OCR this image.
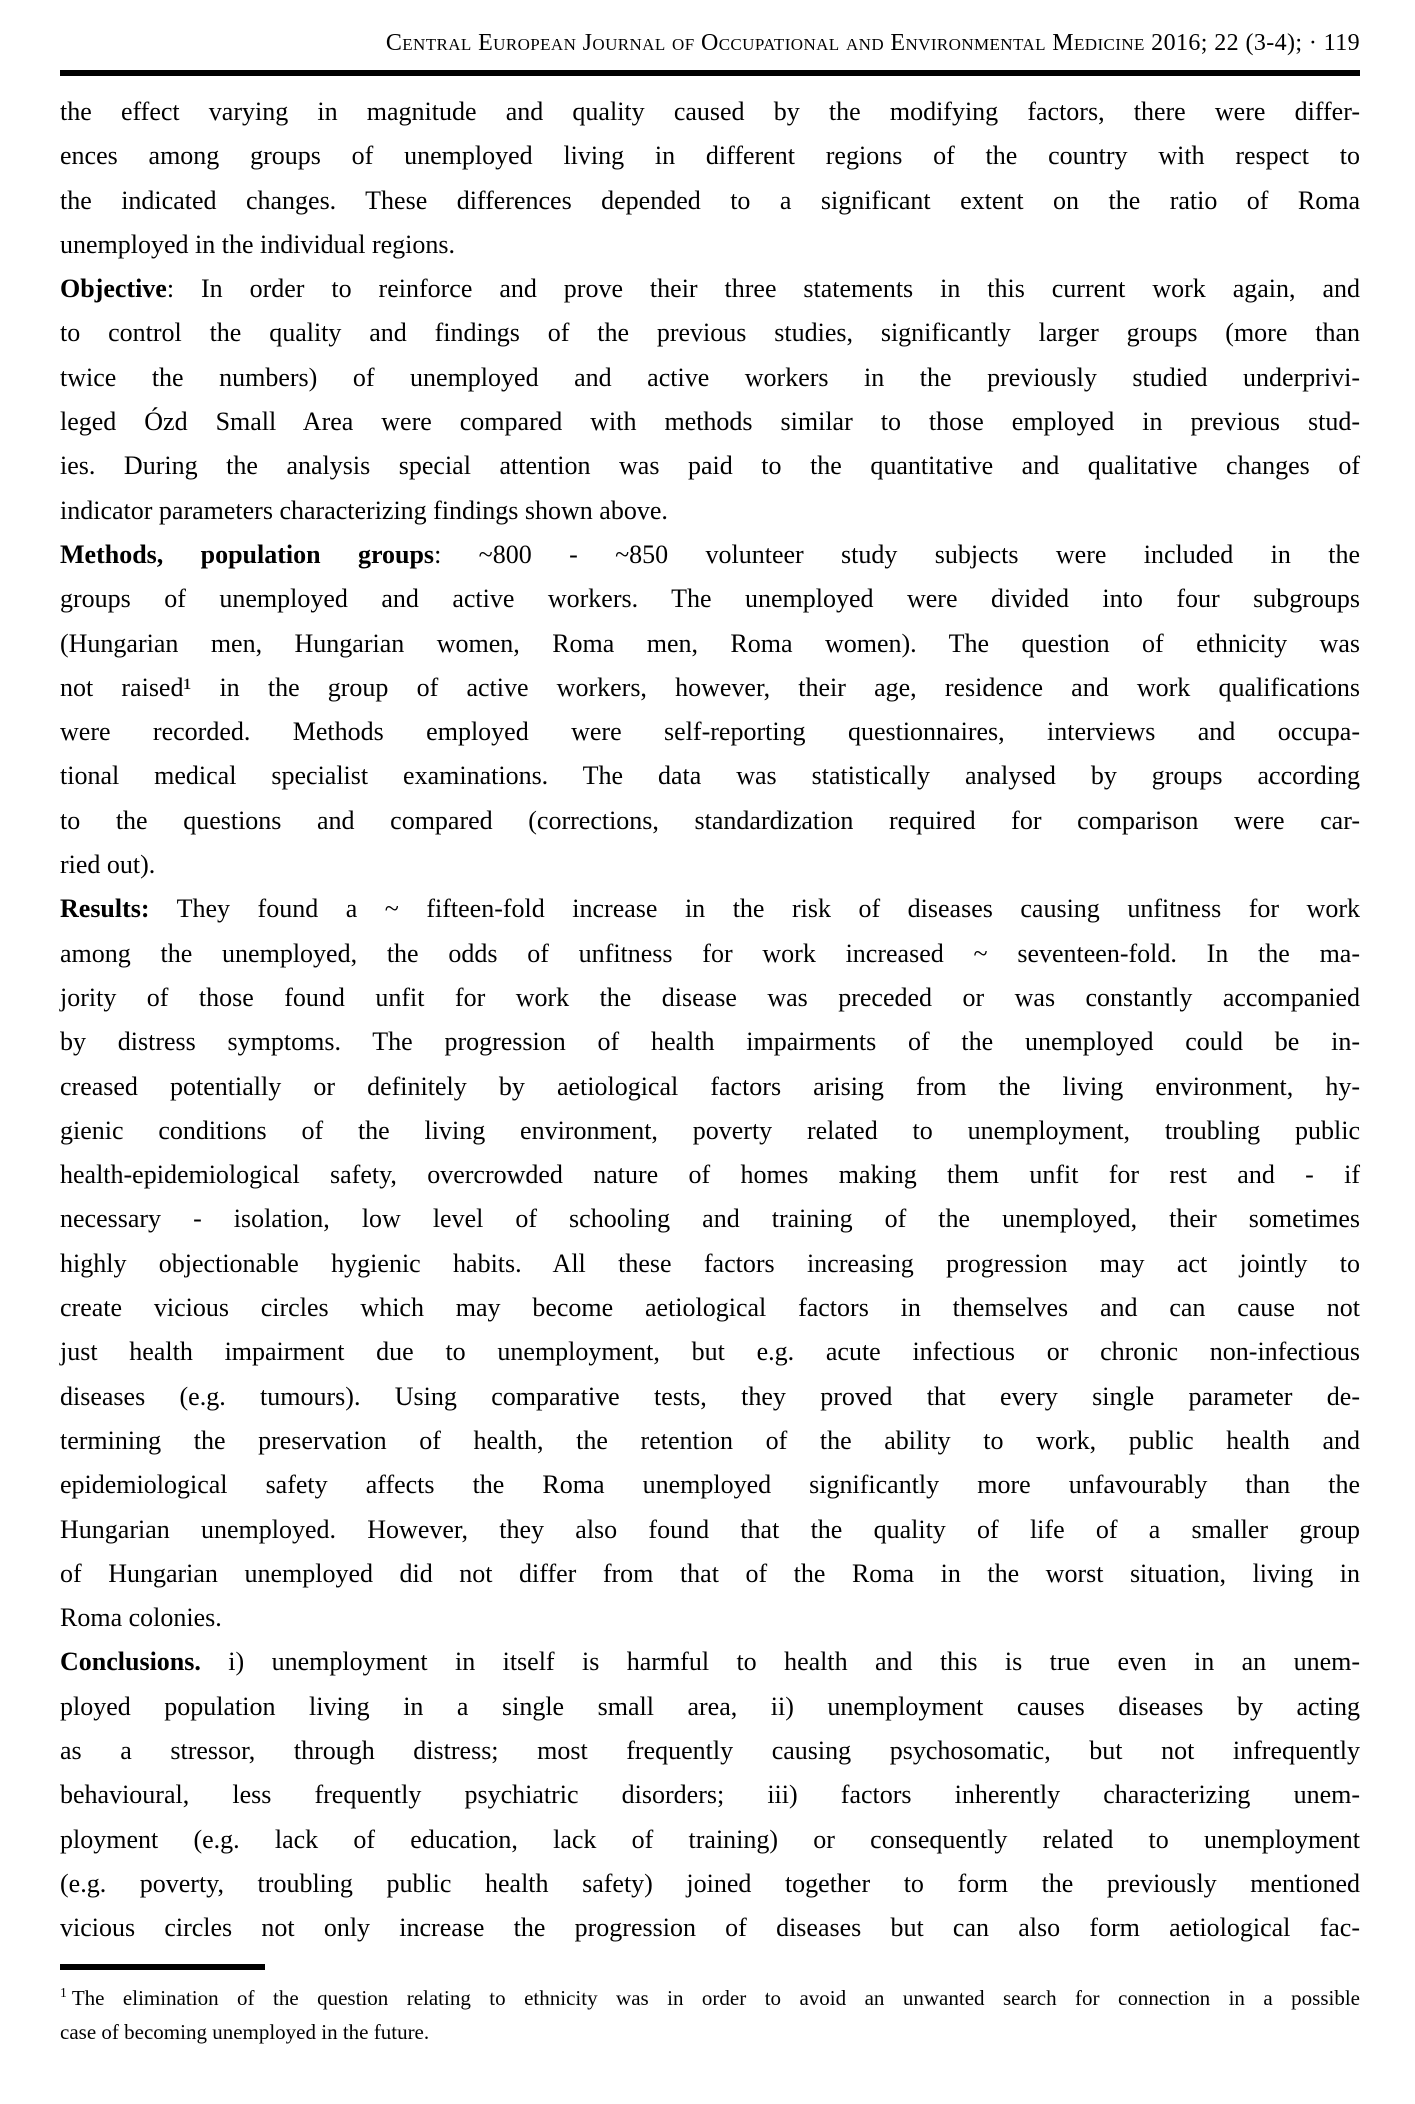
Central European Journal of Occupational and Environmental Medicine 2016; 22 (3-4); · 119
the effect varying in magnitude and quality caused by the modifying factors, there were differ-
ences among groups of unemployed living in different regions of the country with respect to
the indicated changes. These differences depended to a significant extent on the ratio of Roma
unemployed in the individual regions.
Objective: In order to reinforce and prove their three statements in this current work again, and
to control the quality and findings of the previous studies, significantly larger groups (more than
twice the numbers) of unemployed and active workers in the previously studied underprivi-
leged Ózd Small Area were compared with methods similar to those employed in previous stud-
ies. During the analysis special attention was paid to the quantitative and qualitative changes of
indicator parameters characterizing findings shown above.
Methods, population groups: ~800 - ~850 volunteer study subjects were included in the
groups of unemployed and active workers. The unemployed were divided into four subgroups
(Hungarian men, Hungarian women, Roma men, Roma women). The question of ethnicity was
not raised¹ in the group of active workers, however, their age, residence and work qualifications
were recorded. Methods employed were self-reporting questionnaires, interviews and occupa-
tional medical specialist examinations. The data was statistically analysed by groups according
to the questions and compared (corrections, standardization required for comparison were car-
ried out).
Results: They found a ~ fifteen-fold increase in the risk of diseases causing unfitness for work
among the unemployed, the odds of unfitness for work increased ~ seventeen-fold. In the ma-
jority of those found unfit for work the disease was preceded or was constantly accompanied
by distress symptoms. The progression of health impairments of the unemployed could be in-
creased potentially or definitely by aetiological factors arising from the living environment, hy-
gienic conditions of the living environment, poverty related to unemployment, troubling public
health-epidemiological safety, overcrowded nature of homes making them unfit for rest and - if
necessary - isolation, low level of schooling and training of the unemployed, their sometimes
highly objectionable hygienic habits. All these factors increasing progression may act jointly to
create vicious circles which may become aetiological factors in themselves and can cause not
just health impairment due to unemployment, but e.g. acute infectious or chronic non-infectious
diseases (e.g. tumours). Using comparative tests, they proved that every single parameter de-
termining the preservation of health, the retention of the ability to work, public health and
epidemiological safety affects the Roma unemployed significantly more unfavourably than the
Hungarian unemployed. However, they also found that the quality of life of a smaller group
of Hungarian unemployed did not differ from that of the Roma in the worst situation, living in
Roma colonies.
Conclusions. i) unemployment in itself is harmful to health and this is true even in an unem-
ployed population living in a single small area, ii) unemployment causes diseases by acting
as a stressor, through distress; most frequently causing psychosomatic, but not infrequently
behavioural, less frequently psychiatric disorders; iii) factors inherently characterizing unem-
ployment (e.g. lack of education, lack of training) or consequently related to unemployment
(e.g. poverty, troubling public health safety) joined together to form the previously mentioned
vicious circles not only increase the progression of diseases but can also form aetiological fac-
$^1$ The elimination of the question relating to ethnicity was in order to avoid an unwanted search for connection in a possible
case of becoming unemployed in the future.
